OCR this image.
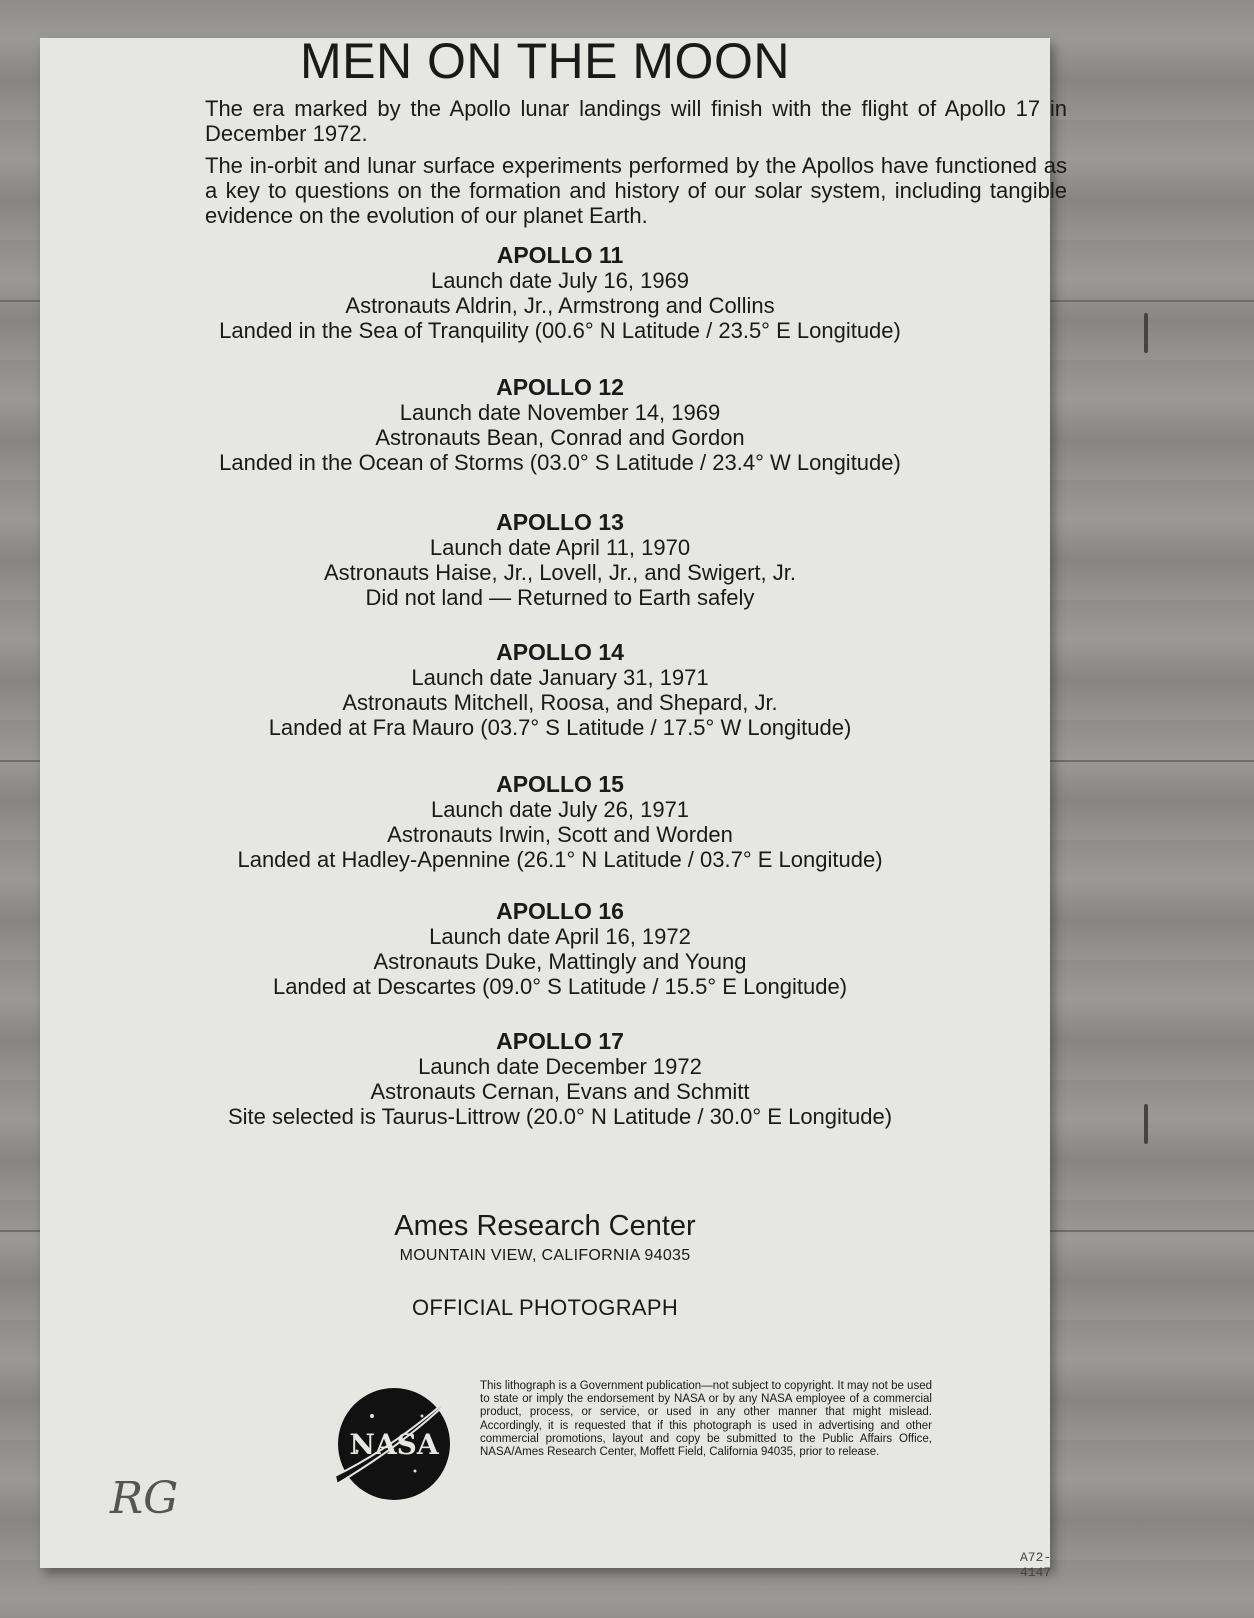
MEN ON THE MOON

The era marked by the Apollo lunar landings will finish with the flight of Apollo 17 in December 1972.

The in-orbit and lunar surface experiments performed by the Apollos have functioned as a key to questions on the formation and history of our solar system, including tangible evidence on the evolution of our planet Earth.

APOLLO 11
Launch date July 16, 1969
Astronauts Aldrin, Jr., Armstrong and Collins
Landed in the Sea of Tranquility (00.6° N Latitude / 23.5° E Longitude)
APOLLO 12
Launch date November 14, 1969
Astronauts Bean, Conrad and Gordon
Landed in the Ocean of Storms (03.0° S Latitude / 23.4° W Longitude)
APOLLO 13
Launch date April 11, 1970
Astronauts Haise, Jr., Lovell, Jr., and Swigert, Jr.
Did not land — Returned to Earth safely
APOLLO 14
Launch date January 31, 1971
Astronauts Mitchell, Roosa, and Shepard, Jr.
Landed at Fra Mauro (03.7° S Latitude / 17.5° W Longitude)
APOLLO 15
Launch date July 26, 1971
Astronauts Irwin, Scott and Worden
Landed at Hadley-Apennine (26.1° N Latitude / 03.7° E Longitude)
APOLLO 16
Launch date April 16, 1972
Astronauts Duke, Mattingly and Young
Landed at Descartes (09.0° S Latitude / 15.5° E Longitude)
APOLLO 17
Launch date December 1972
Astronauts Cernan, Evans and Schmitt
Site selected is Taurus-Littrow (20.0° N Latitude / 30.0° E Longitude)
Ames Research Center
MOUNTAIN VIEW, CALIFORNIA 94035
OFFICIAL PHOTOGRAPH
NASA
This lithograph is a Government publication—not subject to copyright. It may not be used to state or imply the endorsement by NASA or by any NASA employee of a commercial product, process, or service, or used in any other manner that might mislead. Accordingly, it is requested that if this photograph is used in advertising and other commercial promotions, layout and copy be submitted to the Public Affairs Office, NASA/Ames Research Center, Moffett Field, California 94035, prior to release.
RG
A72-4147
